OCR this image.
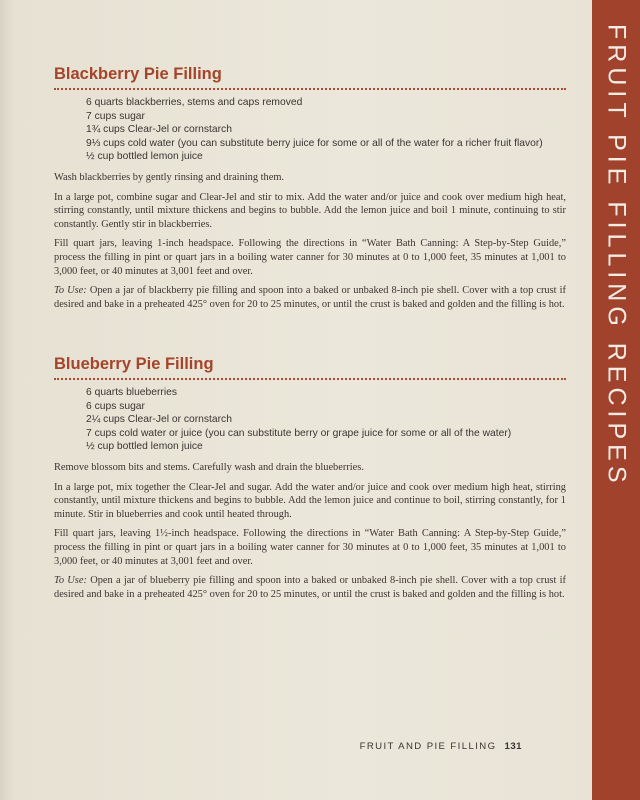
Blackberry Pie Filling
6 quarts blackberries, stems and caps removed
7 cups sugar
1¾ cups Clear-Jel or cornstarch
9⅓ cups cold water (you can substitute berry juice for some or all of the water for a richer fruit flavor)
½ cup bottled lemon juice

Wash blackberries by gently rinsing and draining them.

In a large pot, combine sugar and Clear-Jel and stir to mix. Add the water and/or juice and cook over medium high heat, stirring constantly, until mixture thickens and begins to bubble. Add the lemon juice and boil 1 minute, continuing to stir constantly. Gently stir in blackberries.

Fill quart jars, leaving 1-inch headspace. Following the directions in “Water Bath Canning: A Step-by-Step Guide,” process the filling in pint or quart jars in a boiling water canner for 30 minutes at 0 to 1,000 feet, 35 minutes at 1,001 to 3,000 feet, or 40 minutes at 3,001 feet and over.

To Use: Open a jar of blackberry pie filling and spoon into a baked or unbaked 8-inch pie shell. Cover with a top crust if desired and bake in a preheated 425° oven for 20 to 25 minutes, or until the crust is baked and golden and the filling is hot.

Blueberry Pie Filling
6 quarts blueberries
6 cups sugar
2¼ cups Clear-Jel or cornstarch
7 cups cold water or juice (you can substitute berry or grape juice for some or all of the water)
½ cup bottled lemon juice

Remove blossom bits and stems. Carefully wash and drain the blueberries.

In a large pot, mix together the Clear-Jel and sugar. Add the water and/or juice and cook over medium high heat, stirring constantly, until mixture thickens and begins to bubble. Add the lemon juice and continue to boil, stirring constantly, for 1 minute. Stir in blueberries and cook until heated through.

Fill quart jars, leaving 1½-inch headspace. Following the directions in “Water Bath Canning: A Step-by-Step Guide,” process the filling in pint or quart jars in a boiling water canner for 30 minutes at 0 to 1,000 feet, 35 minutes at 1,001 to 3,000 feet, or 40 minutes at 3,001 feet and over.

To Use: Open a jar of blueberry pie filling and spoon into a baked or unbaked 8-inch pie shell. Cover with a top crust if desired and bake in a preheated 425° oven for 20 to 25 minutes, or until the crust is baked and golden and the filling is hot.

FRUIT AND PIE FILLING 131
FRUIT PIE FILLING RECIPES
